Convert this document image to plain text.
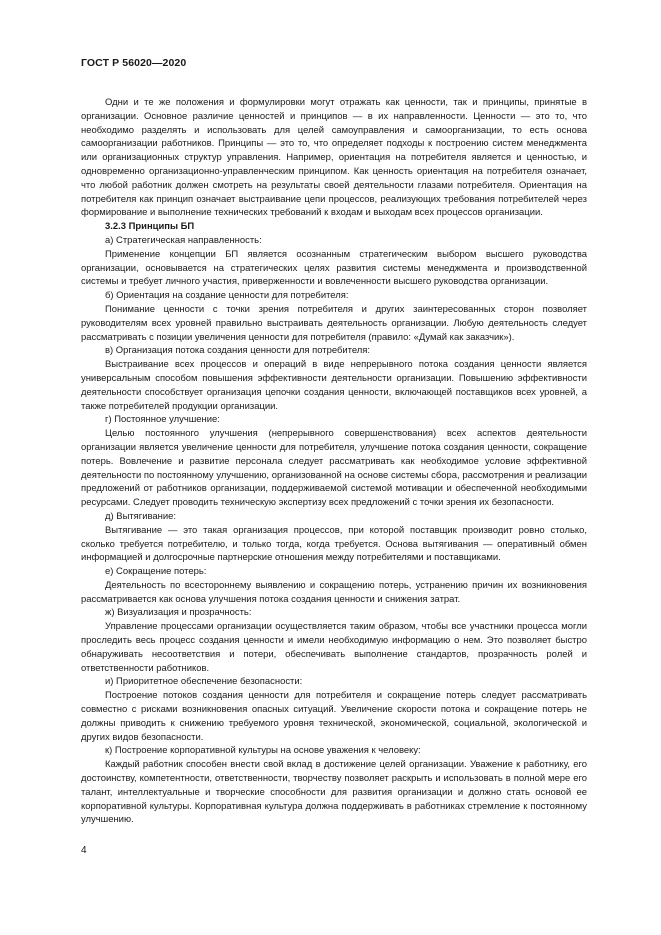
ГОСТ Р 56020—2020

Одни и те же положения и формулировки могут отражать как ценности, так и принципы, принятые в организации. Основное различие ценностей и принципов — в их направленности. Ценности — это то, что необходимо разделять и использовать для целей самоуправления и самоорганизации, то есть основа самоорганизации работников. Принципы — это то, что определяет подходы к построению систем менеджмента или организационных структур управления. Например, ориентация на потребителя является и ценностью, и одновременно организационно-управленческим принципом. Как ценность ориентация на потребителя означает, что любой работник должен смотреть на результаты своей деятельности глазами потребителя. Ориентация на потребителя как принцип означает выстраивание цепи процессов, реализующих требования потребителей через формирование и выполнение технических требований к входам и выходам всех процессов организации.

3.2.3 Принципы БП

а) Стратегическая направленность:

Применение концепции БП является осознанным стратегическим выбором высшего руководства организации, основывается на стратегических целях развития системы менеджмента и производственной системы и требует личного участия, приверженности и вовлеченности высшего руководства организации.

б) Ориентация на создание ценности для потребителя:

Понимание ценности с точки зрения потребителя и других заинтересованных сторон позволяет руководителям всех уровней правильно выстраивать деятельность организации. Любую деятельность следует рассматривать с позиции увеличения ценности для потребителя (правило: «Думай как заказчик»).

в) Организация потока создания ценности для потребителя:

Выстраивание всех процессов и операций в виде непрерывного потока создания ценности является универсальным способом повышения эффективности деятельности организации. Повышению эффективности деятельности способствует организация цепочки создания ценности, включающей поставщиков всех уровней, а также потребителей продукции организации.

г) Постоянное улучшение:

Целью постоянного улучшения (непрерывного совершенствования) всех аспектов деятельности организации является увеличение ценности для потребителя, улучшение потока создания ценности, сокращение потерь. Вовлечение и развитие персонала следует рассматривать как необходимое условие эффективной деятельности по постоянному улучшению, организованной на основе системы сбора, рассмотрения и реализации предложений от работников организации, поддерживаемой системой мотивации и обеспеченной необходимыми ресурсами. Следует проводить техническую экспертизу всех предложений с точки зрения их безопасности.

д) Вытягивание:

Вытягивание — это такая организация процессов, при которой поставщик производит ровно столько, сколько требуется потребителю, и только тогда, когда требуется. Основа вытягивания — оперативный обмен информацией и долгосрочные партнерские отношения между потребителями и поставщиками.

е) Сокращение потерь:

Деятельность по всестороннему выявлению и сокращению потерь, устранению причин их возникновения рассматривается как основа улучшения потока создания ценности и снижения затрат.

ж) Визуализация и прозрачность:

Управление процессами организации осуществляется таким образом, чтобы все участники процесса могли проследить весь процесс создания ценности и имели необходимую информацию о нем. Это позволяет быстро обнаруживать несоответствия и потери, обеспечивать выполнение стандартов, прозрачность ролей и ответственности работников.

и) Приоритетное обеспечение безопасности:

Построение потоков создания ценности для потребителя и сокращение потерь следует рассматривать совместно с рисками возникновения опасных ситуаций. Увеличение скорости потока и сокращение потерь не должны приводить к снижению требуемого уровня технической, экономической, социальной, экологической и других видов безопасности.

к) Построение корпоративной культуры на основе уважения к человеку:

Каждый работник способен внести свой вклад в достижение целей организации. Уважение к работнику, его достоинству, компетентности, ответственности, творчеству позволяет раскрыть и использовать в полной мере его талант, интеллектуальные и творческие способности для развития организации и должно стать основой ее корпоративной культуры. Корпоративная культура должна поддерживать в работниках стремление к постоянному улучшению.

4
